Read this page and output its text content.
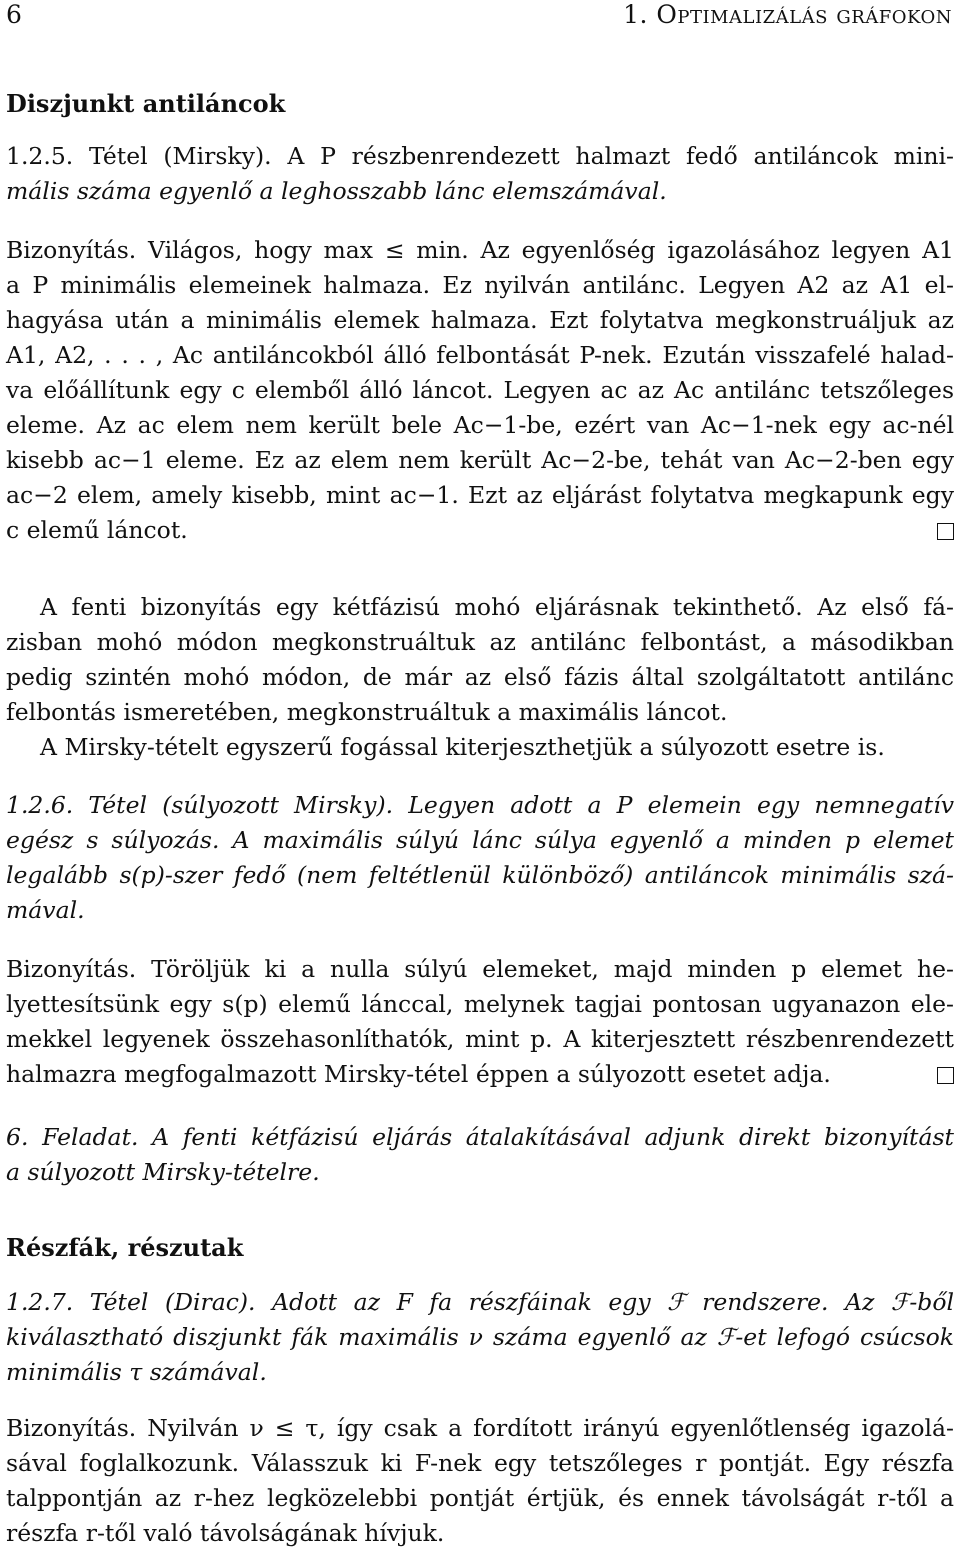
6	1. Optimalizálás gráfokon
Diszjunkt antiláncok
1.2.5. Tétel (Mirsky). A P részbenrendezett halmazt fedő antiláncok mini-
mális száma egyenlő a leghosszabb lánc elemszámával.
Bizonyítás. Világos, hogy max ≤ min. Az egyenlőség igazolásához legyen A1
a P minimális elemeinek halmaza. Ez nyilván antilánc. Legyen A2 az A1 el-
hagyása után a minimális elemek halmaza. Ezt folytatva megkonstruáljuk az
A1, A2, . . . , Ac antiláncokból álló felbontását P-nek. Ezután visszafelé halad-
va előállítunk egy c elemből álló láncot. Legyen ac az Ac antilánc tetszőleges
eleme. Az ac elem nem került bele Ac−1-be, ezért van Ac−1-nek egy ac-nél
kisebb ac−1 eleme. Ez az elem nem került Ac−2-be, tehát van Ac−2-ben egy
ac−2 elem, amely kisebb, mint ac−1. Ezt az eljárást folytatva megkapunk egy
c elemű láncot.
A fenti bizonyítás egy kétfázisú mohó eljárásnak tekinthető. Az első fá-
zisban mohó módon megkonstruáltuk az antilánc felbontást, a másodikban
pedig szintén mohó módon, de már az első fázis által szolgáltatott antilánc
felbontás ismeretében, megkonstruáltuk a maximális láncot.
A Mirsky-tételt egyszerű fogással kiterjeszthetjük a súlyozott esetre is.
1.2.6. Tétel (súlyozott Mirsky). Legyen adott a P elemein egy nemnegatív
egész s súlyozás. A maximális súlyú lánc súlya egyenlő a minden p elemet
legalább s(p)-szer fedő (nem feltétlenül különböző) antiláncok minimális szá-
mával.
Bizonyítás. Töröljük ki a nulla súlyú elemeket, majd minden p elemet he-
lyettesítsünk egy s(p) elemű lánccal, melynek tagjai pontosan ugyanazon ele-
mekkel legyenek összehasonlíthatók, mint p. A kiterjesztett részbenrendezett
halmazra megfogalmazott Mirsky-tétel éppen a súlyozott esetet adja.
6. Feladat. A fenti kétfázisú eljárás átalakításával adjunk direkt bizonyítást
a súlyozott Mirsky-tételre.
Részfák, részutak
1.2.7. Tétel (Dirac). Adott az F fa részfáinak egy ℱ rendszere. Az ℱ-ből
kiválasztható diszjunkt fák maximális ν száma egyenlő az ℱ-et lefogó csúcsok
minimális τ számával.
Bizonyítás. Nyilván ν ≤ τ, így csak a fordított irányú egyenlőtlenség igazolá-
sával foglalkozunk. Válasszuk ki F-nek egy tetszőleges r pontját. Egy részfa
talppontján az r-hez legközelebbi pontját értjük, és ennek távolságát r-től a
részfa r-től való távolságának hívjuk.
